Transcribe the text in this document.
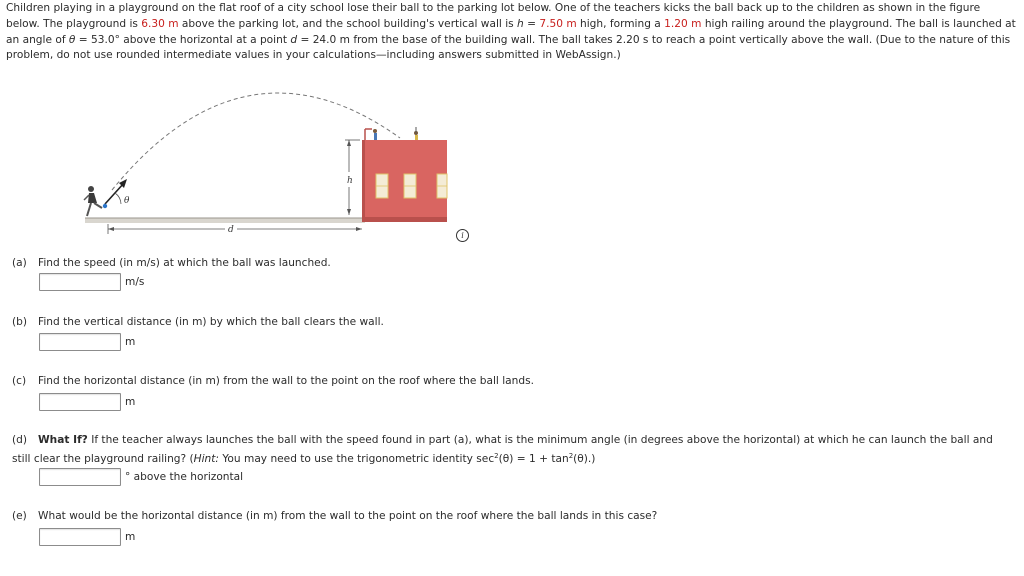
Children playing in a playground on the flat roof of a city school lose their ball to the parking lot below. One of the teachers kicks the ball back up to the children as shown in the figure below. The playground is 6.30 m above the parking lot, and the school building's vertical wall is h = 7.50 m high, forming a 1.20 m high railing around the playground. The ball is launched at an angle of θ = 53.0° above the horizontal at a point d = 24.0 m from the base of the building wall. The ball takes 2.20 s to reach a point vertically above the wall. (Due to the nature of this problem, do not use rounded intermediate values in your calculations—including answers submitted in WebAssign.)
θ
d
h
i
(a) Find the speed (in m/s) at which the ball was launched.
m/s
(b) Find the vertical distance (in m) by which the ball clears the wall.
m
(c) Find the horizontal distance (in m) from the wall to the point on the roof where the ball lands.
m
(d) What If? If the teacher always launches the ball with the speed found in part (a), what is the minimum angle (in degrees above the horizontal) at which he can launch the ball and still clear the playground railing? (Hint: You may need to use the trigonometric identity $\sec^2(\theta) = 1 + \tan^2(\theta)$.)
° above the horizontal
(e) What would be the horizontal distance (in m) from the wall to the point on the roof where the ball lands in this case?
m
